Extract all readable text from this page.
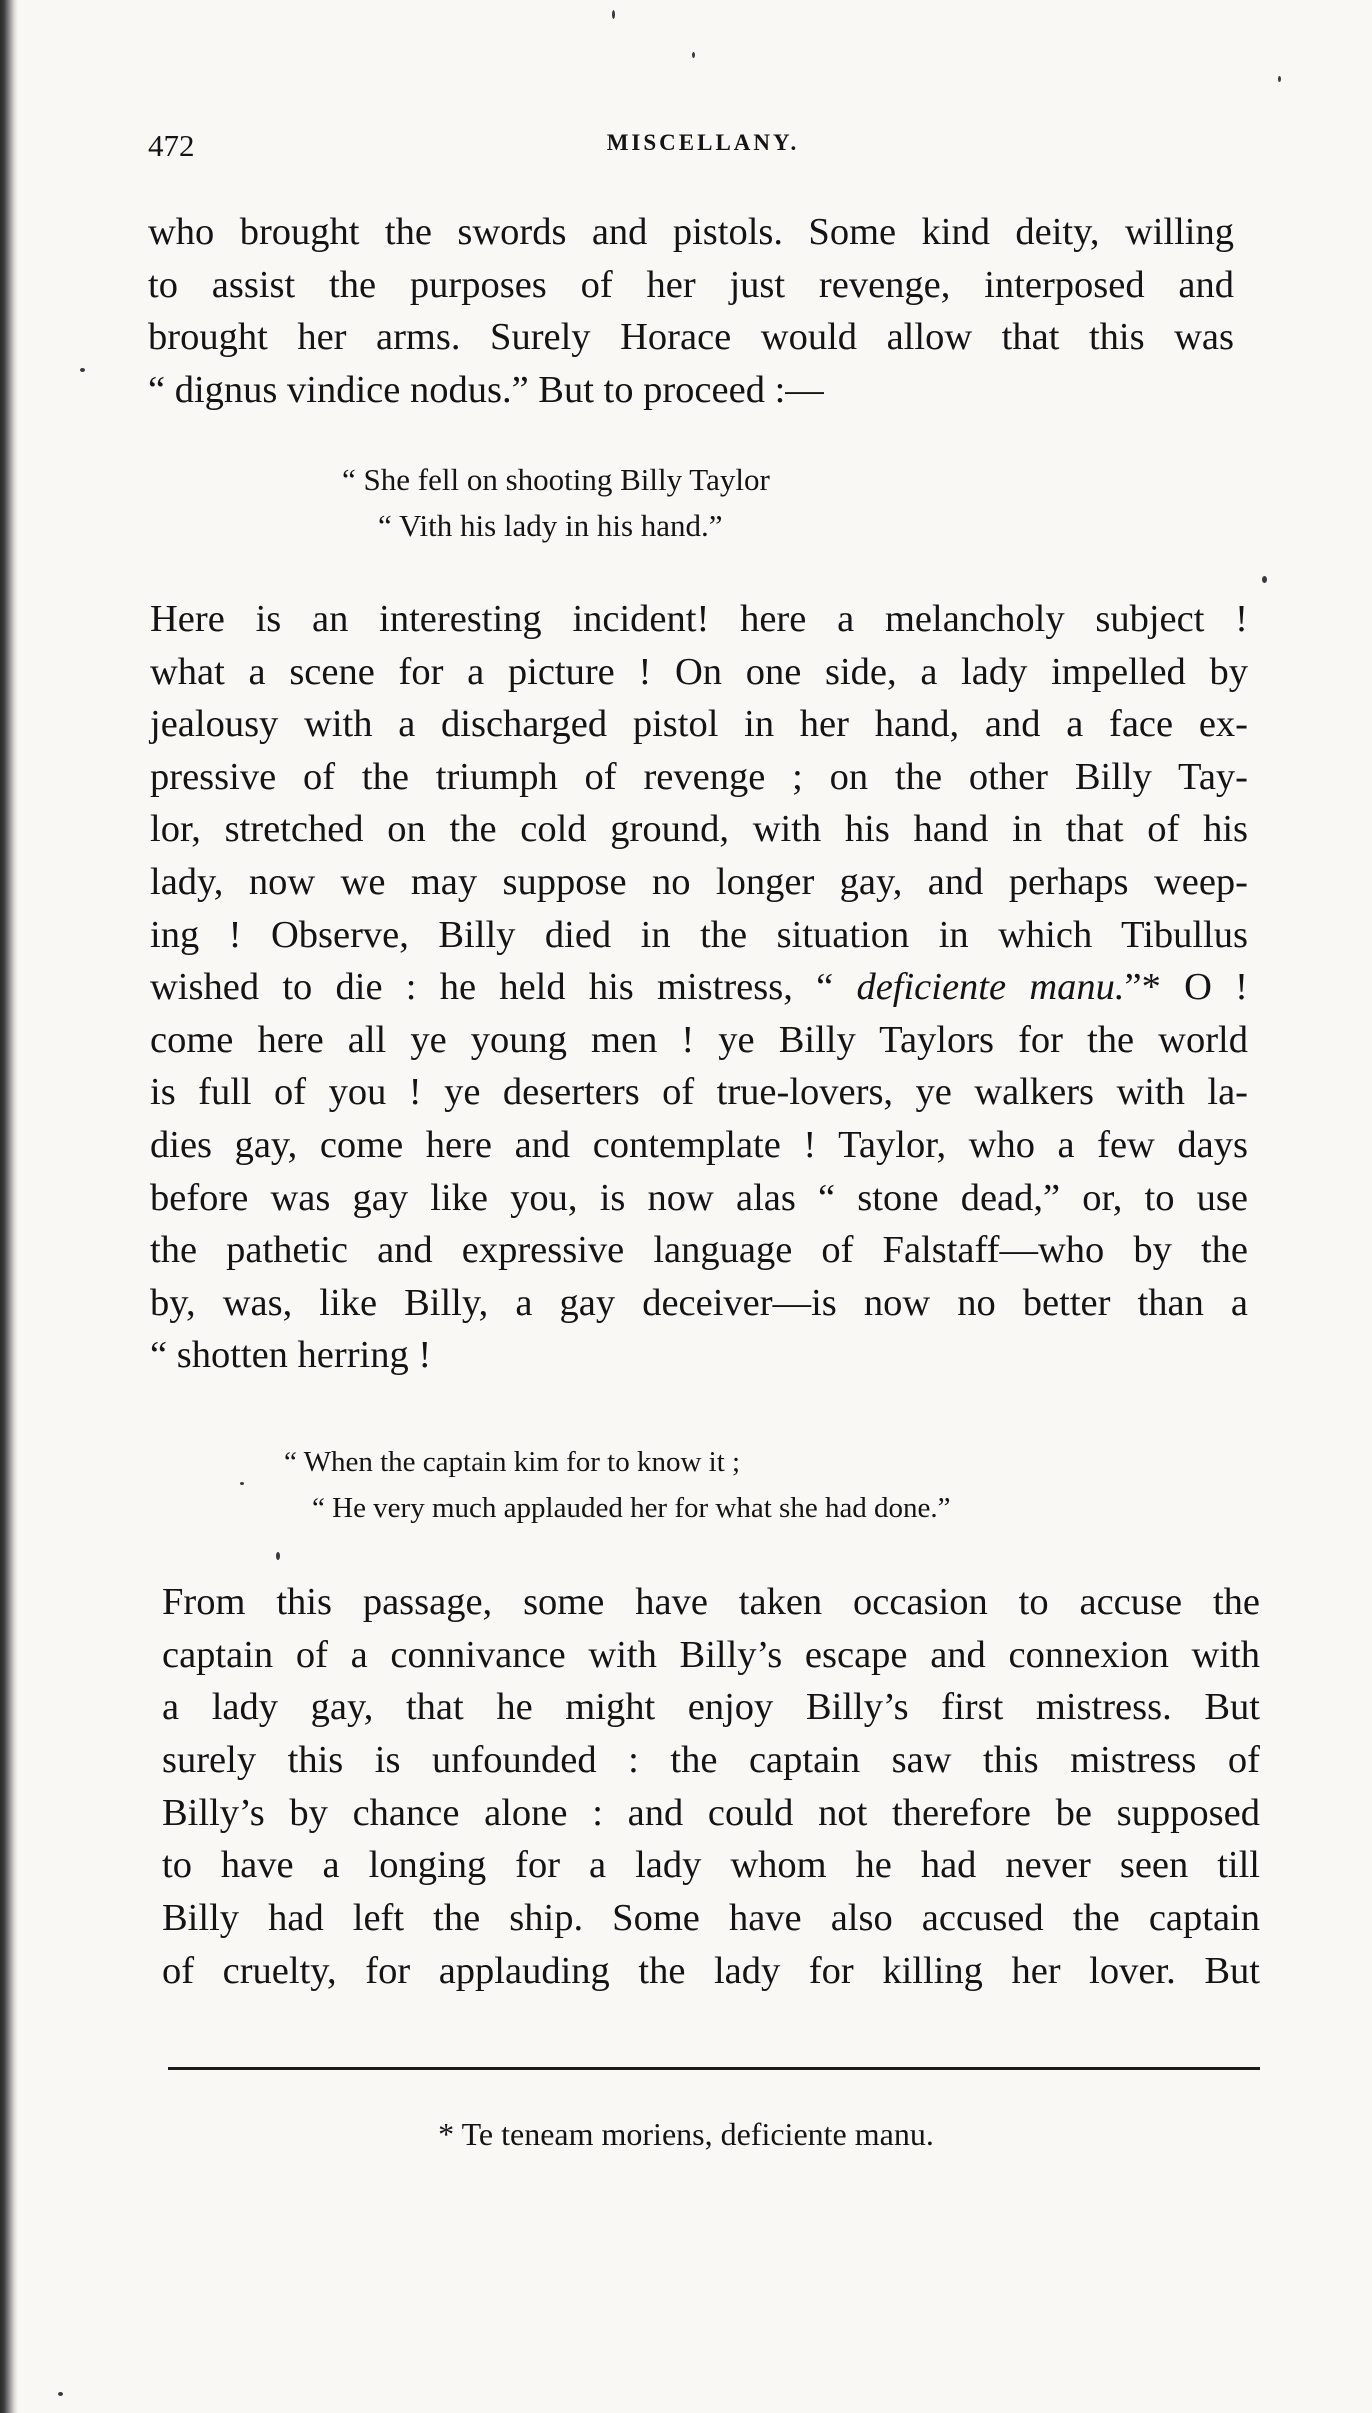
472	MISCELLANY.
who brought the swords and pistols. Some kind deity, willing
to assist the purposes of her just revenge, interposed and
brought her arms. Surely Horace would allow that this was
“ dignus vindice nodus.” But to proceed :—
“ She fell on shooting Billy Taylor
“ Vith his lady in his hand.”
Here is an interesting incident! here a melancholy subject !
what a scene for a picture ! On one side, a lady impelled by
jealousy with a discharged pistol in her hand, and a face ex-
pressive of the triumph of revenge ; on the other Billy Tay-
lor, stretched on the cold ground, with his hand in that of his
lady, now we may suppose no longer gay, and perhaps weep-
ing ! Observe, Billy died in the situation in which Tibullus
wished to die : he held his mistress, “ deficiente manu.”* O !
come here all ye young men ! ye Billy Taylors for the world
is full of you ! ye deserters of true-lovers, ye walkers with la-
dies gay, come here and contemplate ! Taylor, who a few days
before was gay like you, is now alas “ stone dead,” or, to use
the pathetic and expressive language of Falstaff—who by the
by, was, like Billy, a gay deceiver—is now no better than a
“ shotten herring !
“ When the captain kim for to know it ;
“ He very much applauded her for what she had done.”
From this passage, some have taken occasion to accuse the
captain of a connivance with Billy’s escape and connexion with
a lady gay, that he might enjoy Billy’s first mistress. But
surely this is unfounded : the captain saw this mistress of
Billy’s by chance alone : and could not therefore be supposed
to have a longing for a lady whom he had never seen till
Billy had left the ship. Some have also accused the captain
of cruelty, for applauding the lady for killing her lover. But
* Te teneam moriens, deficiente manu.
